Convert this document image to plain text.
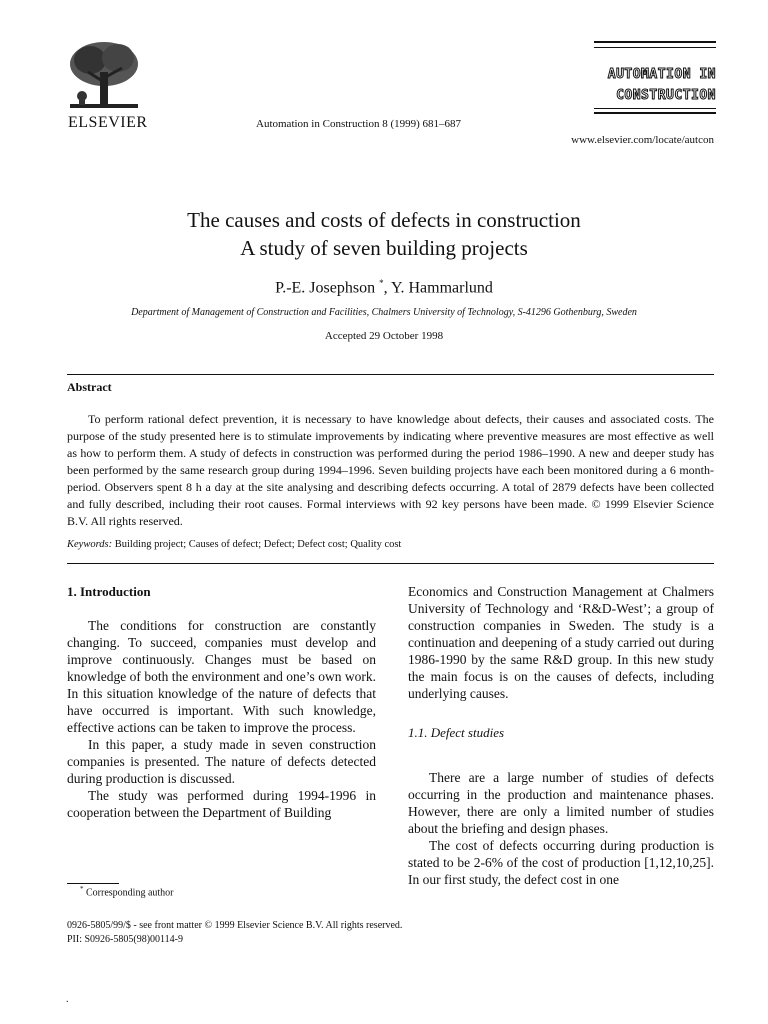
ELSEVIER	Automation in Construction 8 (1999) 681–687
AUTOMATION IN
CONSTRUCTION
www.elsevier.com/locate/autcon
The causes and costs of defects in construction
A study of seven building projects
P.-E. Josephson *, Y. Hammarlund
Department of Management of Construction and Facilities, Chalmers University of Technology, S-41296 Gothenburg, Sweden
Accepted 29 October 1998
Abstract
To perform rational defect prevention, it is necessary to have knowledge about defects, their causes and associated costs. The purpose of the study presented here is to stimulate improvements by indicating where preventive measures are most effective as well as how to perform them. A study of defects in construction was performed during the period 1986–1990. A new and deeper study has been performed by the same research group during 1994–1996. Seven building projects have each been monitored during a 6 month-period. Observers spent 8 h a day at the site analysing and describing defects occurring. A total of 2879 defects have been collected and fully described, including their root causes. Formal interviews with 92 key persons have been made. © 1999 Elsevier Science B.V. All rights reserved.
Keywords: Building project; Causes of defect; Defect; Defect cost; Quality cost

1. Introduction

The conditions for construction are constantly changing. To succeed, companies must develop and improve continuously. Changes must be based on knowledge of both the environment and one’s own work. In this situation knowledge of the nature of defects that have occurred is important. With such knowledge, effective actions can be taken to improve the process.

In this paper, a study made in seven construction companies is presented. The nature of defects detected during production is discussed.

The study was performed during 1994-1996 in cooperation between the Department of Building

Economics and Construction Management at Chalmers University of Technology and ‘R&D-West’; a group of construction companies in Sweden. The study is a continuation and deepening of a study carried out during 1986-1990 by the same R&D group. In this new study the main focus is on the causes of defects, including underlying causes.

1.1. Defect studies

There are a large number of studies of defects occurring in the production and maintenance phases. However, there are only a limited number of studies about the briefing and design phases.

The cost of defects occurring during production is stated to be 2-6% of the cost of production [1,12,10,25]. In our first study, the defect cost in one

* Corresponding author
0926-5805/99/$ - see front matter © 1999 Elsevier Science B.V. All rights reserved.
PII: S0926-5805(98)00114-9
.
